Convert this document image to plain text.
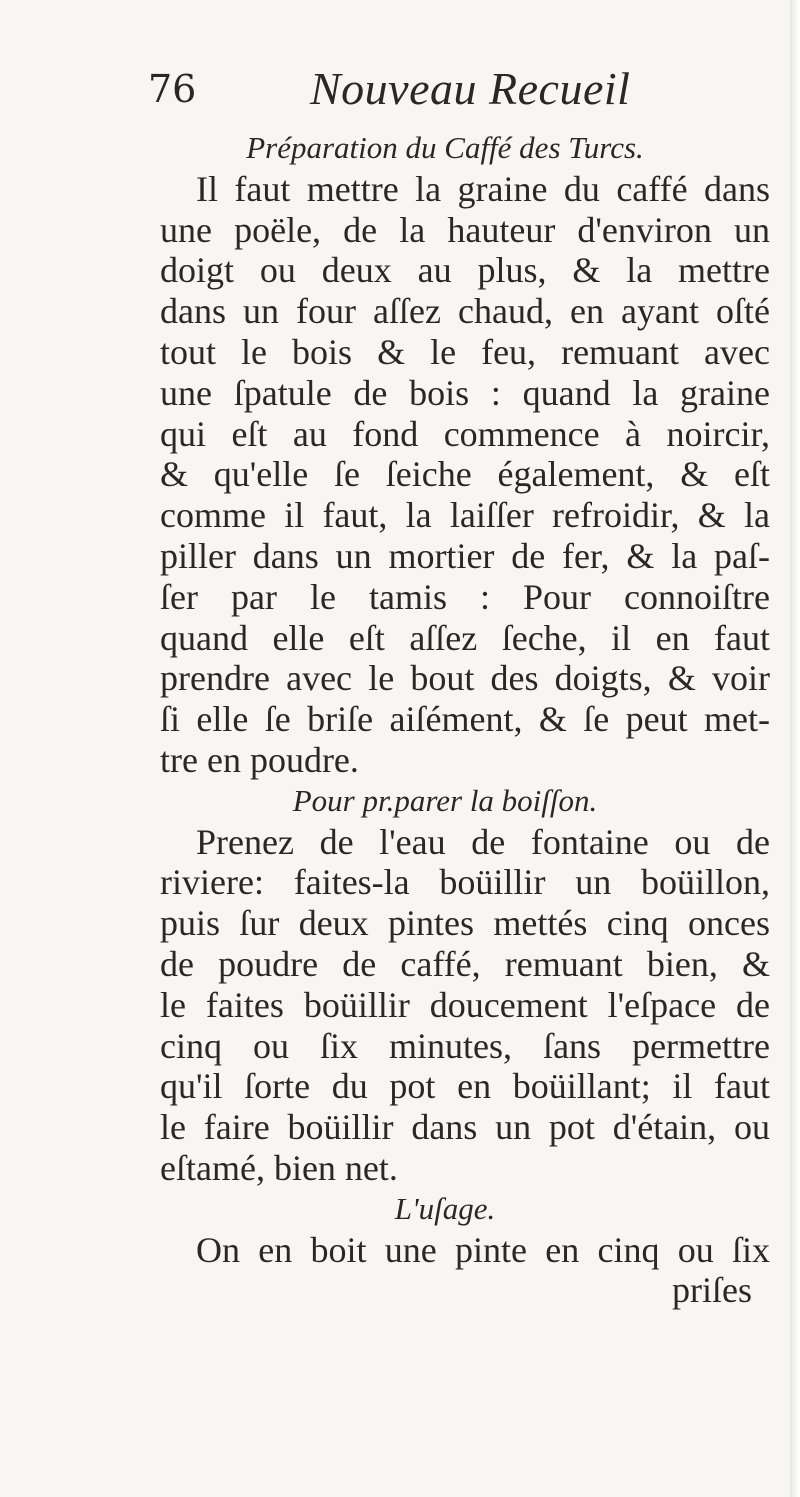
76 Nouveau Recueil
Préparation du Caffé des Turcs.
Il faut mettre la graine du caffé dans
une poële, de la hauteur d'environ un
doigt ou deux au plus, & la mettre
dans un four aſſez chaud, en ayant oſté
tout le bois & le feu, remuant avec
une ſpatule de bois : quand la graine
qui eſt au fond commence à noircir,
& qu'elle ſe ſeiche également, & eſt
comme il faut, la laiſſer refroidir, & la
piller dans un mortier de fer, & la paſ-
ſer par le tamis : Pour connoiſtre
quand elle eſt aſſez ſeche, il en faut
prendre avec le bout des doigts, & voir
ſi elle ſe briſe aiſément, & ſe peut met-
tre en poudre.
Pour pr.parer la boiſſon.
Prenez de l'eau de fontaine ou de
riviere: faites-la boüillir un boüillon,
puis ſur deux pintes mettés cinq onces
de poudre de caffé, remuant bien, &
le faites boüillir doucement l'eſpace de
cinq ou ſix minutes, ſans permettre
qu'il ſorte du pot en boüillant; il faut
le faire boüillir dans un pot d'étain, ou
eſtamé, bien net.
L'uſage.
On en boit une pinte en cinq ou ſix
priſes
